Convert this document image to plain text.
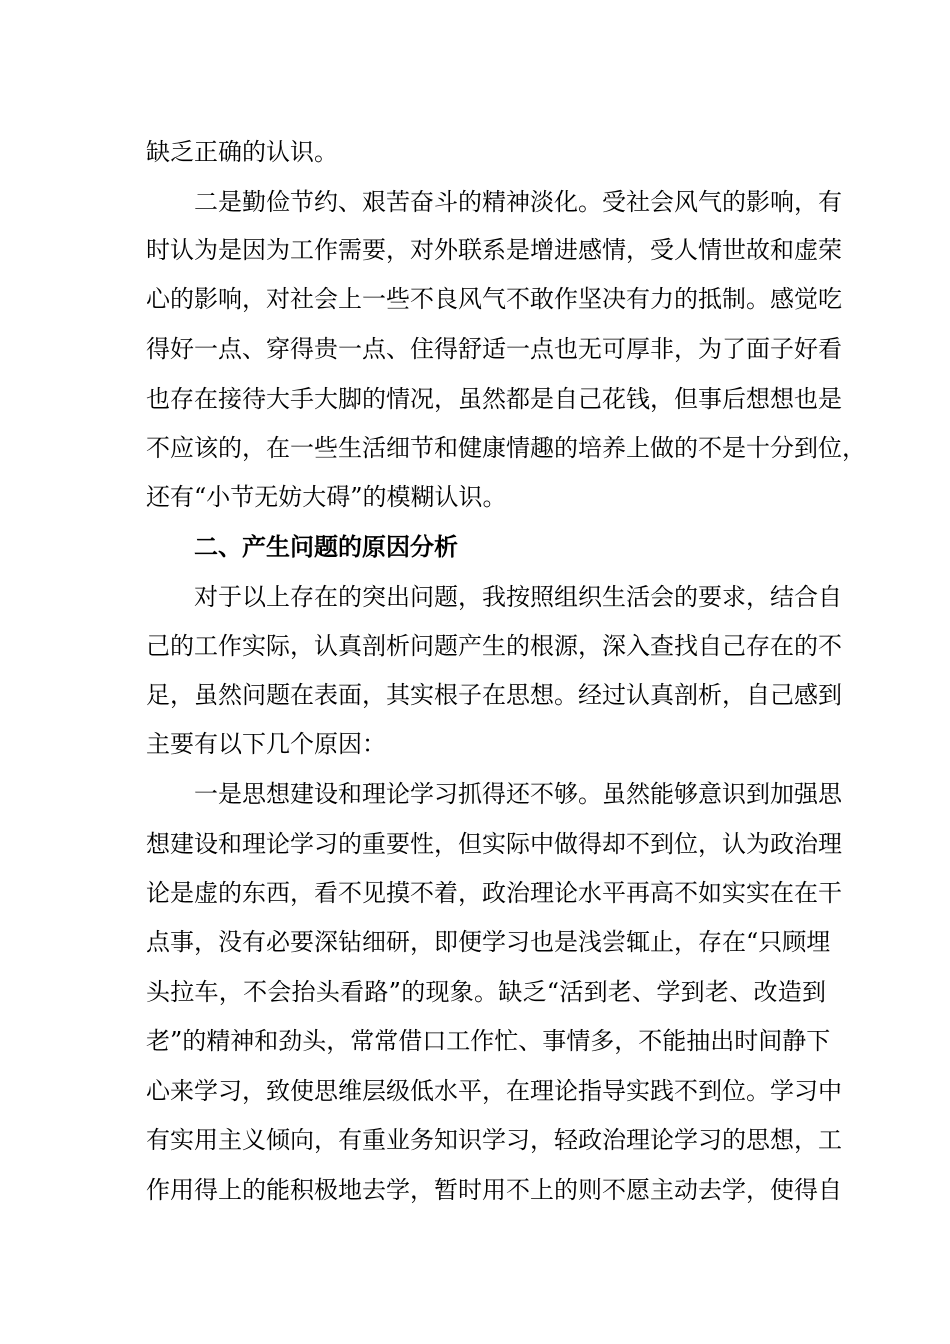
缺乏正确的认识。
二是勤俭节约、艰苦奋斗的精神淡化。受社会风气的影响，有
时认为是因为工作需要，对外联系是增进感情，受人情世故和虚荣
心的影响，对社会上一些不良风气不敢作坚决有力的抵制。感觉吃
得好一点、穿得贵一点、住得舒适一点也无可厚非，为了面子好看
也存在接待大手大脚的情况，虽然都是自己花钱，但事后想想也是
不应该的，在一些生活细节和健康情趣的培养上做的不是十分到位，
还有“小节无妨大碍”的模糊认识。
二、产生问题的原因分析
对于以上存在的突出问题，我按照组织生活会的要求，结合自
己的工作实际，认真剖析问题产生的根源，深入查找自己存在的不
足，虽然问题在表面，其实根子在思想。经过认真剖析，自己感到
主要有以下几个原因：
一是思想建设和理论学习抓得还不够。虽然能够意识到加强思
想建设和理论学习的重要性，但实际中做得却不到位，认为政治理
论是虚的东西，看不见摸不着，政治理论水平再高不如实实在在干
点事，没有必要深钻细研，即便学习也是浅尝辄止，存在“只顾埋
头拉车，不会抬头看路”的现象。缺乏“活到老、学到老、改造到
老”的精神和劲头，常常借口工作忙、事情多，不能抽出时间静下
心来学习，致使思维层级低水平，在理论指导实践不到位。学习中
有实用主义倾向，有重业务知识学习，轻政治理论学习的思想，工
作用得上的能积极地去学，暂时用不上的则不愿主动去学，使得自
